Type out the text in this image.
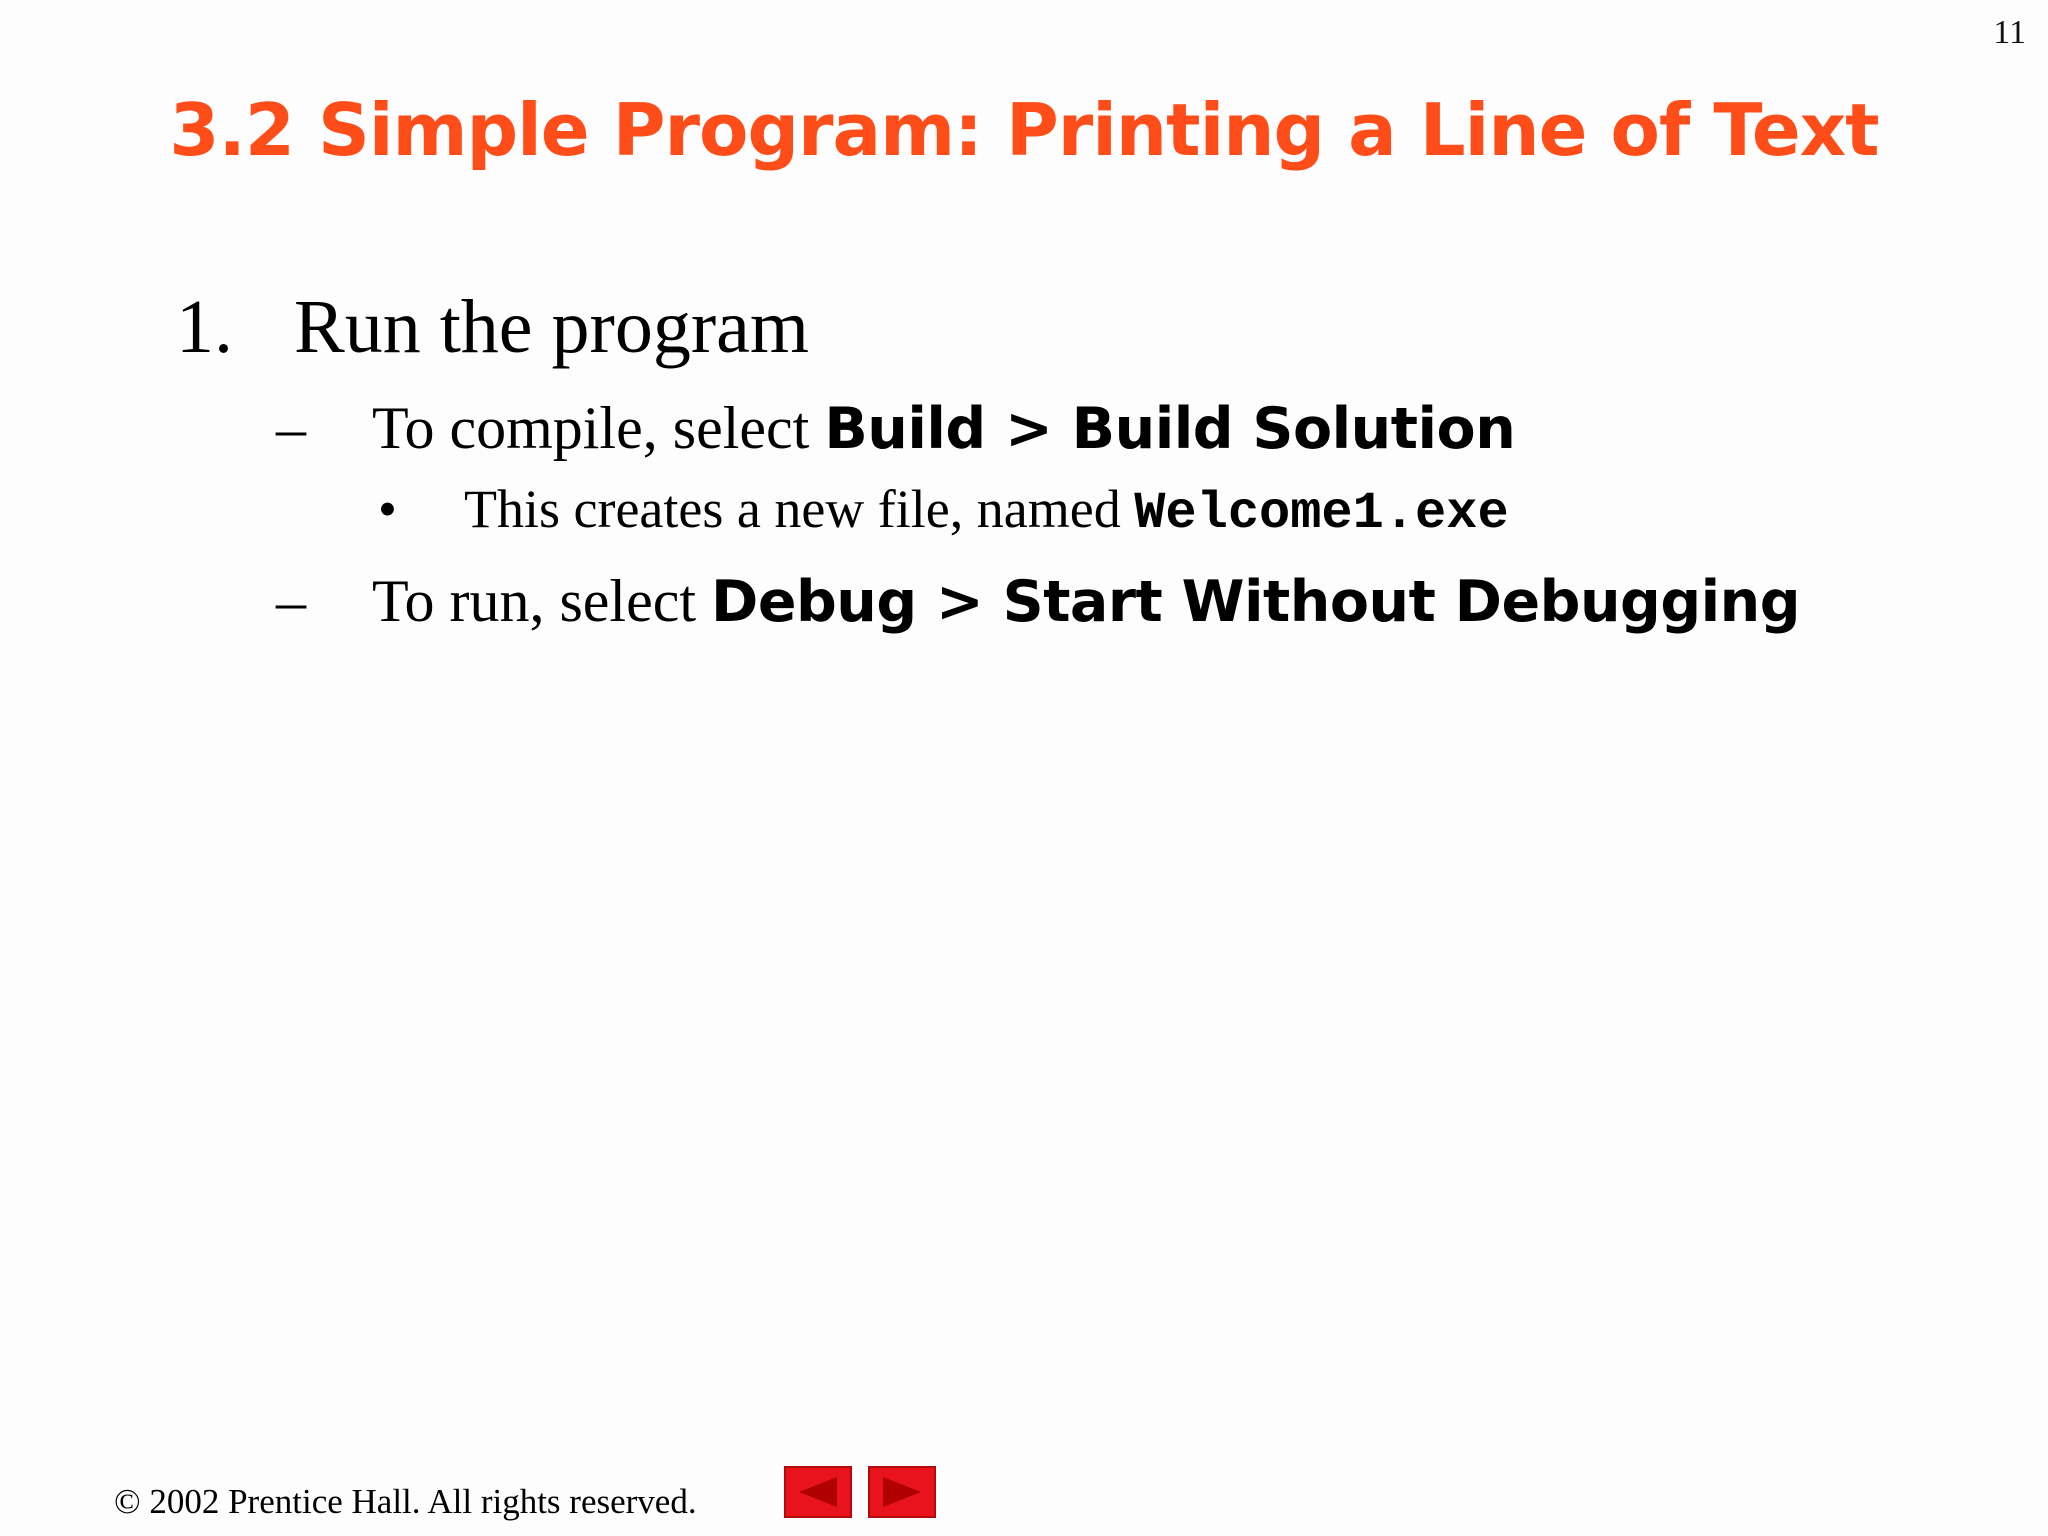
11
3.2 Simple Program: Printing a Line of Text
1. Run the program
– To compile, select Build > Build Solution
• This creates a new file, named Welcome1.exe
– To run, select Debug > Start Without Debugging
© 2002 Prentice Hall. All rights reserved.
